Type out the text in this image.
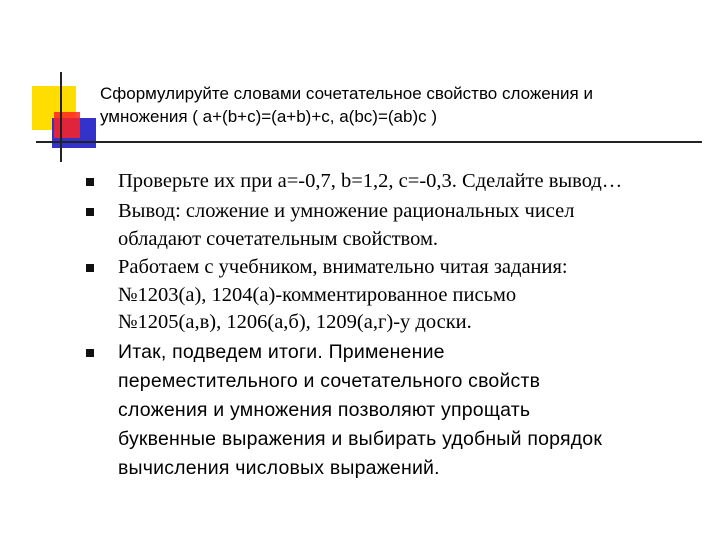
Сформулируйте словами сочетательное свойство сложения и
умножения ( a+(b+c)=(a+b)+c, a(bc)=(ab)c )
Проверьте их при а=-0,7, b=1,2, с=-0,3. Сделайте вывод…
Вывод: сложение и умножение рациональных чисел
обладают сочетательным свойством.
Работаем с учебником, внимательно читая задания:
№1203(а), 1204(а)-комментированное письмо
№1205(а,в), 1206(а,б), 1209(а,г)-у доски.
Итак, подведем итоги. Применение
переместительного и сочетательного свойств
сложения и умножения позволяют упрощать
буквенные выражения и выбирать удобный порядок
вычисления числовых выражений.
